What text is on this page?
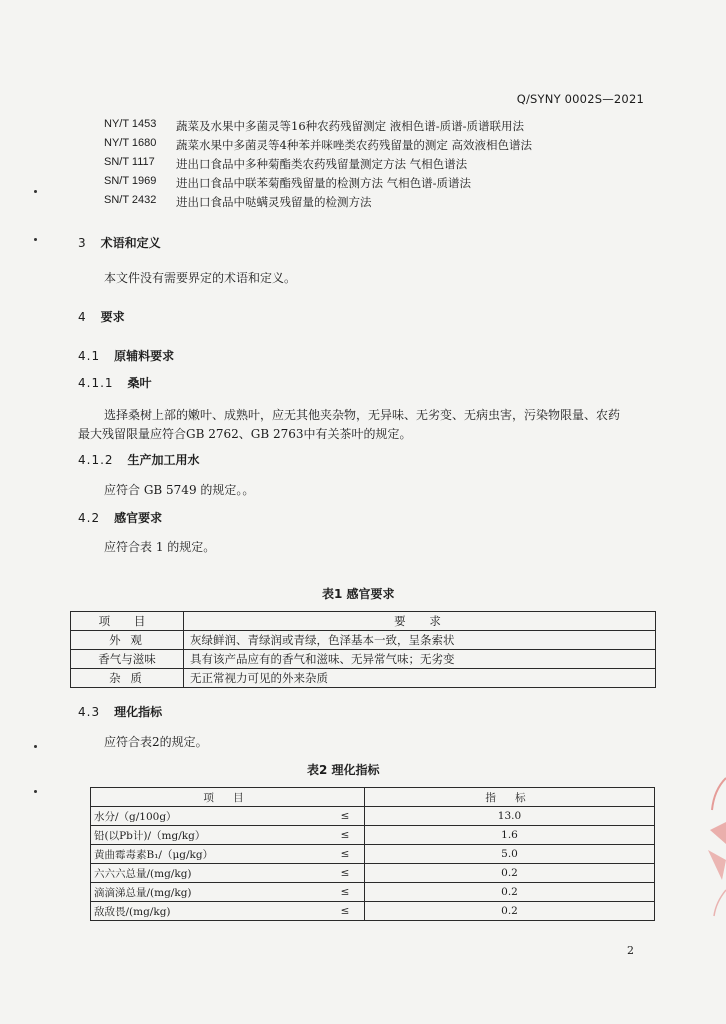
Q/SYNY 0002S—2021
NY/T 1453	蔬菜及水果中多菌灵等16种农药残留测定 液相色谱-质谱-质谱联用法
NY/T 1680	蔬菜水果中多菌灵等4种苯并咪唑类农药残留量的测定 高效液相色谱法
SN/T 1117	进出口食品中多种菊酯类农药残留量测定方法 气相色谱法
SN/T 1969	进出口食品中联苯菊酯残留量的检测方法 气相色谱-质谱法
SN/T 2432	进出口食品中哒螨灵残留量的检测方法
3 术语和定义
本文件没有需要界定的术语和定义。
4 要求
4.1 原辅料要求
4.1.1 桑叶
选择桑树上部的嫩叶、成熟叶，应无其他夹杂物，无异味、无劣变、无病虫害，污染物限量、农药
最大残留限量应符合GB 2762、GB 2763中有关茶叶的规定。
4.1.2 生产加工用水
应符合 GB 5749 的规定。。
4.2 感官要求
应符合表 1 的规定。
表1 感官要求
项 目	要 求
外 观	灰绿鲜润、青绿润或青绿，色泽基本一致，呈条索状
香气与滋味	具有该产品应有的香气和滋味、无异常气味；无劣变
杂 质	无正常视力可见的外来杂质
4.3 理化指标
应符合表2的规定。
表2 理化指标
项 目		指 标
水分/（g/100g）	≤	13.0
铅(以Pb计)/（mg/kg）	≤	1.6
黄曲霉毒素B₁/（μg/kg）	≤	5.0
六六六总量/(mg/kg)	≤	0.2
滴滴涕总量/(mg/kg)	≤	0.2
敌敌畏/(mg/kg)	≤	0.2
2
